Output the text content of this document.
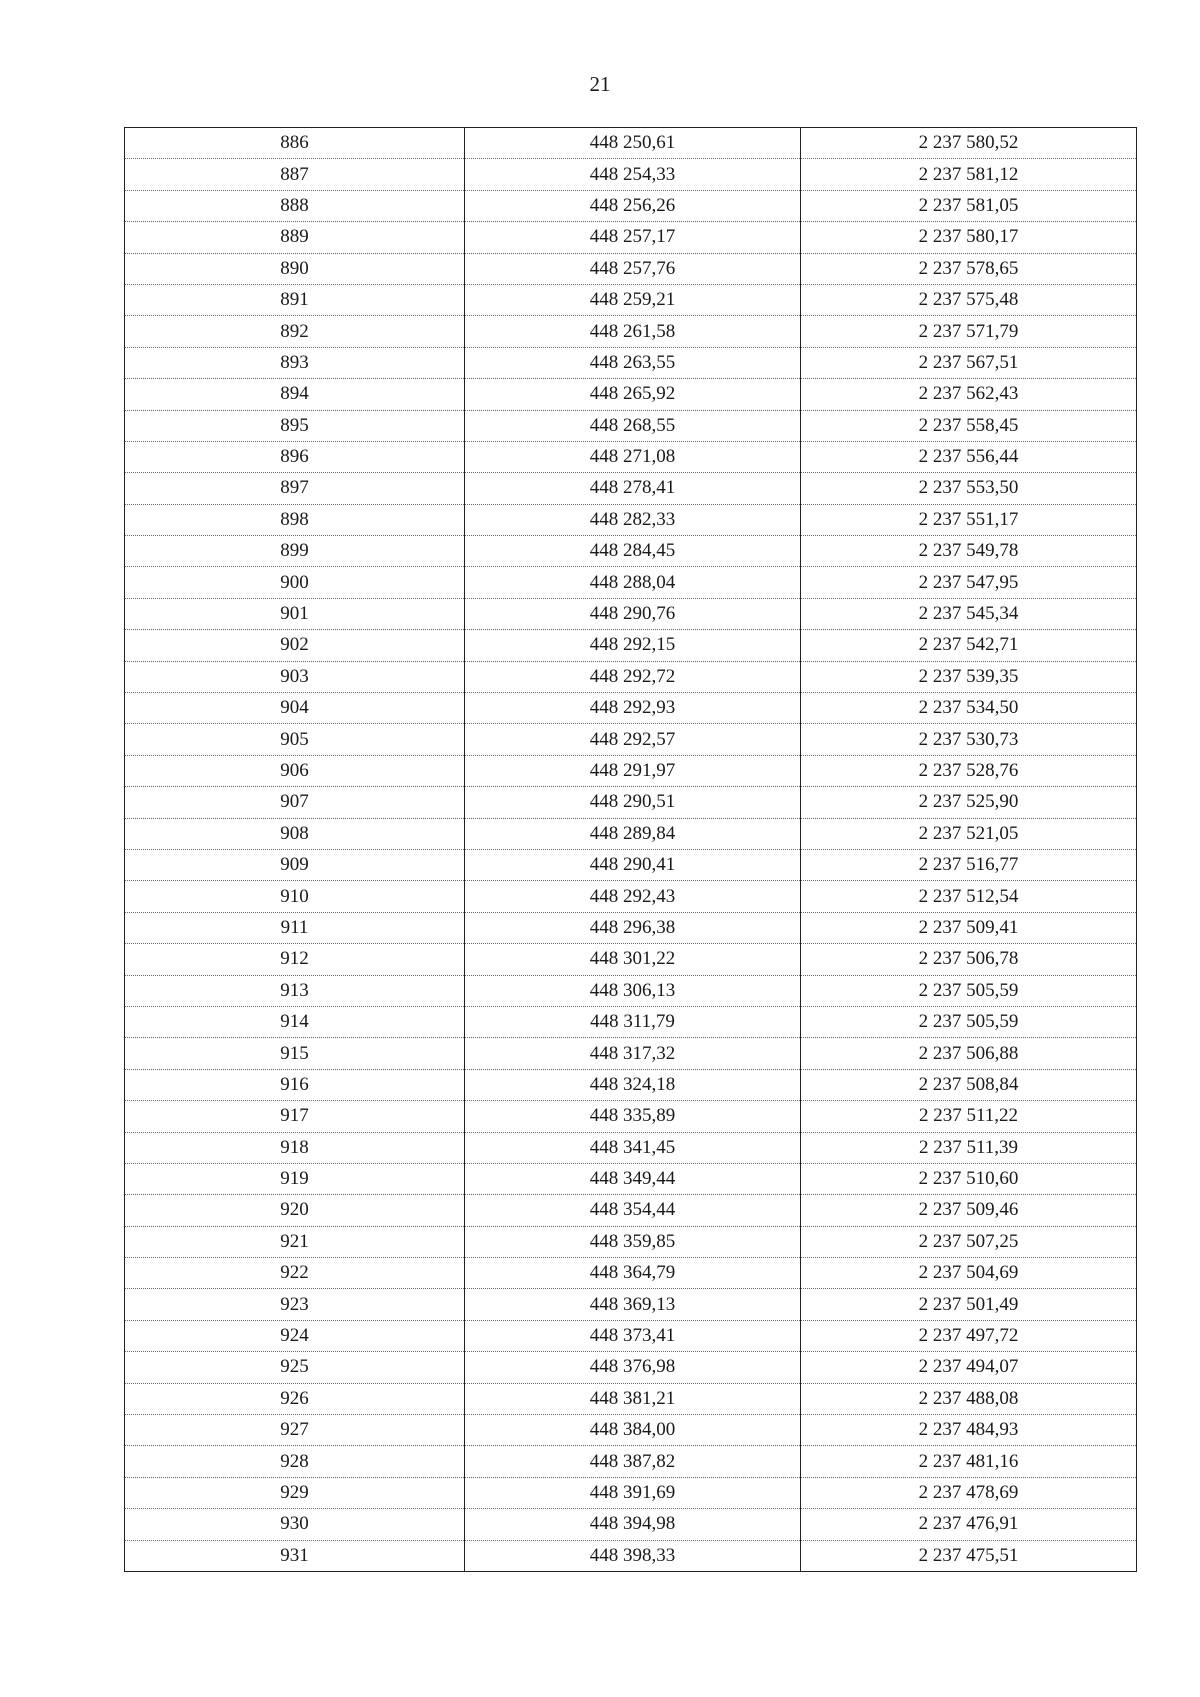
21
886	448 250,61	2 237 580,52
887	448 254,33	2 237 581,12
888	448 256,26	2 237 581,05
889	448 257,17	2 237 580,17
890	448 257,76	2 237 578,65
891	448 259,21	2 237 575,48
892	448 261,58	2 237 571,79
893	448 263,55	2 237 567,51
894	448 265,92	2 237 562,43
895	448 268,55	2 237 558,45
896	448 271,08	2 237 556,44
897	448 278,41	2 237 553,50
898	448 282,33	2 237 551,17
899	448 284,45	2 237 549,78
900	448 288,04	2 237 547,95
901	448 290,76	2 237 545,34
902	448 292,15	2 237 542,71
903	448 292,72	2 237 539,35
904	448 292,93	2 237 534,50
905	448 292,57	2 237 530,73
906	448 291,97	2 237 528,76
907	448 290,51	2 237 525,90
908	448 289,84	2 237 521,05
909	448 290,41	2 237 516,77
910	448 292,43	2 237 512,54
911	448 296,38	2 237 509,41
912	448 301,22	2 237 506,78
913	448 306,13	2 237 505,59
914	448 311,79	2 237 505,59
915	448 317,32	2 237 506,88
916	448 324,18	2 237 508,84
917	448 335,89	2 237 511,22
918	448 341,45	2 237 511,39
919	448 349,44	2 237 510,60
920	448 354,44	2 237 509,46
921	448 359,85	2 237 507,25
922	448 364,79	2 237 504,69
923	448 369,13	2 237 501,49
924	448 373,41	2 237 497,72
925	448 376,98	2 237 494,07
926	448 381,21	2 237 488,08
927	448 384,00	2 237 484,93
928	448 387,82	2 237 481,16
929	448 391,69	2 237 478,69
930	448 394,98	2 237 476,91
931	448 398,33	2 237 475,51
